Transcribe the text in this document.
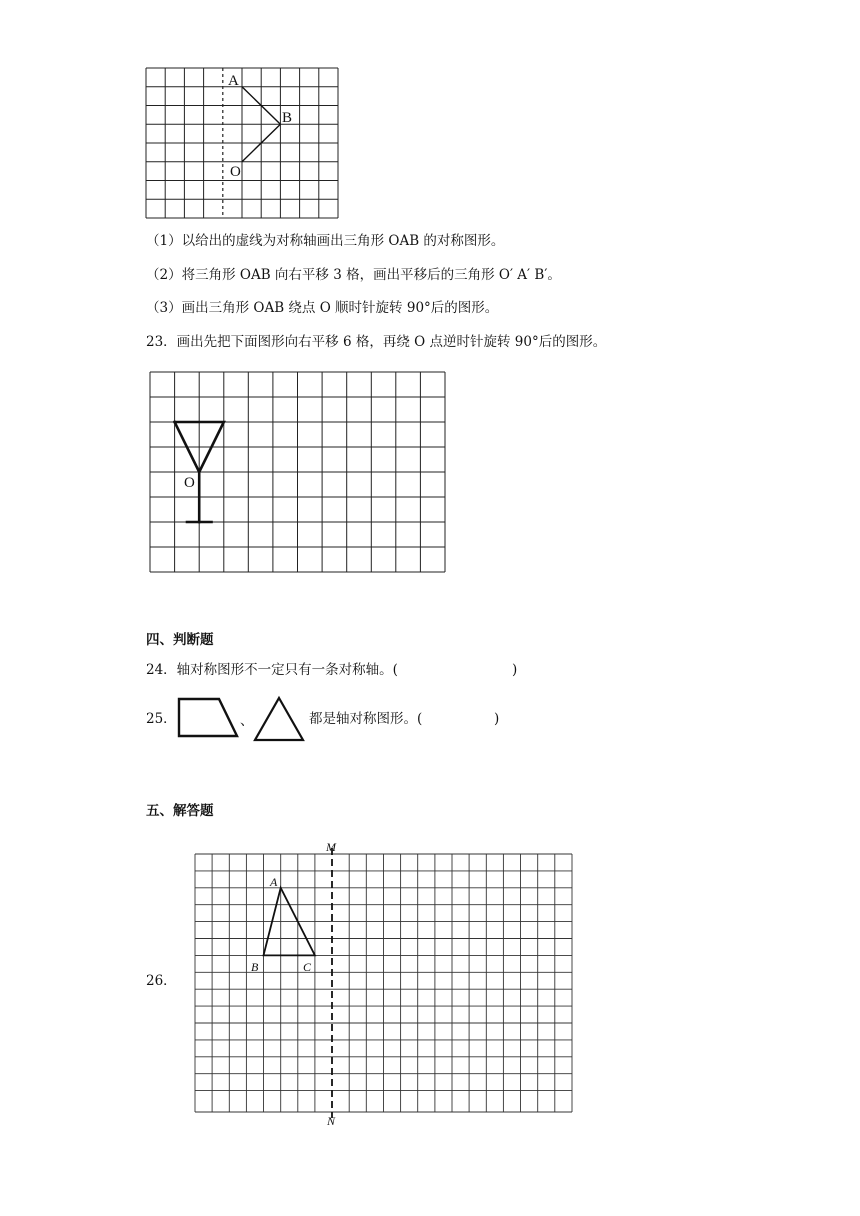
A
B
O
（1）以给出的虚线为对称轴画出三角形 OAB 的对称图形。
（2）将三角形 OAB 向右平移 3 格，画出平移后的三角形 O′ A′ B′。
（3）画出三角形 OAB 绕点 O 顺时针旋转 90°后的图形。
23．画出先把下面图形向右平移 6 格，再绕 O 点逆时针旋转 90°后的图形。
O
四、判断题
24．轴对称图形不一定只有一条对称轴。(	)
25．	、	都是轴对称图形。(	)
五、解答题
26．
M
N
A
B	C
